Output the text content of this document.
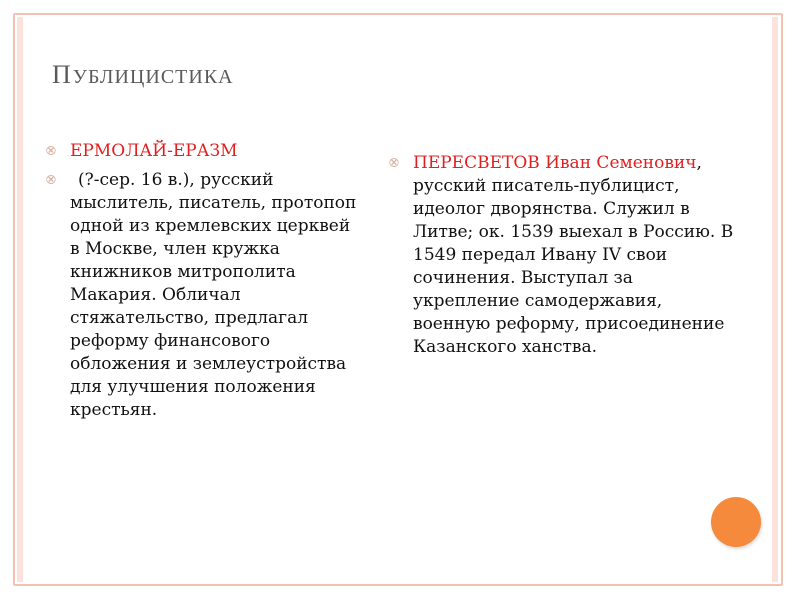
ПУБЛИЦИСТИКА
⮿ ЕРМОЛАЙ-ЕРАЗМ
⮿ (?-сер. 16 в.), русский мыслитель, писатель, протопоп одной из кремлевских церквей в Москве, член кружка книжников митрополита Макария. Обличал стяжательство, предлагал реформу финансового обложения и землеустройства для улучшения положения крестьян.
⮿ ПЕРЕСВЕТОВ Иван Семенович, русский писатель-публицист, идеолог дворянства. Служил в Литве; ок. 1539 выехал в Россию. В 1549 передал Ивану IV свои сочинения. Выступал за укрепление самодержавия, военную реформу, присоединение Казанского ханства.
